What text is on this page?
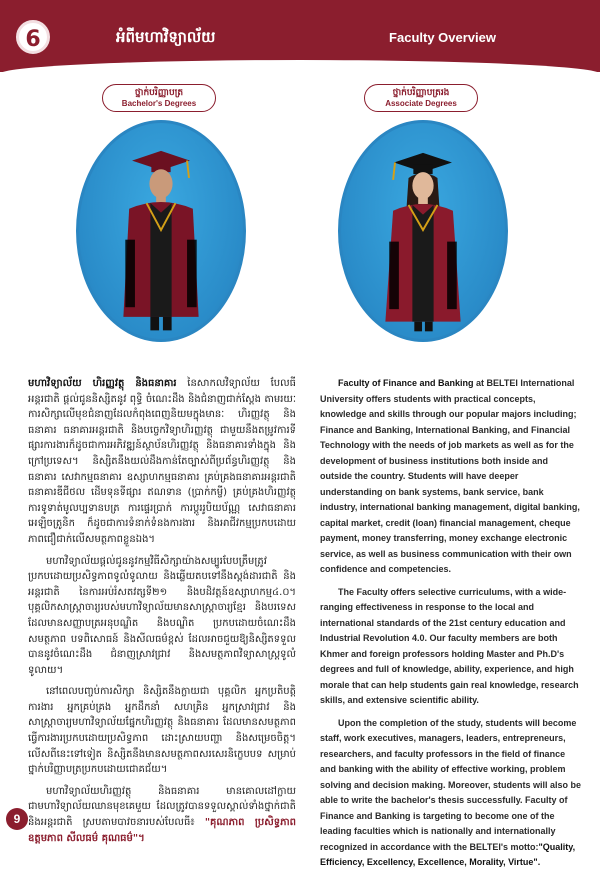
6	អំពីមហាវិទ្យាល័យ	Faculty Overview
ថ្នាក់បរិញ្ញាបត្រ
Bachelor's Degrees
ថ្នាក់បរិញ្ញាបត្ររង
Associate Degrees

មហាវិទ្យាល័យ ហិរញ្ញវត្ថុ និងធនាគារ នៃសាកលវិទ្យាល័យ បែលធី អន្តរជាតិ ផ្តល់ជូននិស្សិតនូវ ពុទ្ធិ ចំណេះដឹង និងជំនាញជាក់ស្តែង តាមរយៈការសិក្សាលើមុខជំនាញដែលកំពុងពេញនិយមក្នុងមានៈ ហិរញ្ញវត្ថុ និងធនាគារ ធនាគារអន្តរជាតិ និងបច្ចេកវិទ្យាហិរញ្ញវត្ថុ ជាមួយនឹងតម្រូវការទីផ្សារការងារក៏ដូចជាការអភិវឌ្ឍន៍ស្ថាប័នហិរញ្ញវត្ថុ និងធនាគារទាំងក្នុង និងក្រៅប្រទេស។ និស្សិតនឹងយល់ដឹងកាន់តែច្បាស់ពីប្រព័ន្ធហិរញ្ញវត្ថុ និងធនាគារ សេវាកម្មធនាគារ ឧស្សាហកម្មធនាគារ គ្រប់គ្រងធនាគារអន្តរជាតិ ធនាគារឌីជីថល ដើមទុនទីផ្សារ ឥណទាន (ប្រាក់កម្ចី) គ្រប់គ្រងហិរញ្ញវត្ថុ ការទូទាត់មូលប្បទានបត្រ ការផ្ទេរប្រាក់ ការប្តូររូបិយប័ណ្ណ សេវាធនាគារអេឡិចត្រូនិក ក៏ដូចជាការទំនាក់ទំនងការងារ និងអាជីវកម្មប្រកបដោយភាពជឿជាក់លើសមត្ថភាពខ្លួនឯង។

មហាវិទ្យាល័យផ្តល់ជូននូវកម្មវិធីសិក្សាយ៉ាងសម្បូរបែបត្រឹមត្រូវ ប្រកបដោយប្រសិទ្ធភាពទូលំទូលាយ និងឆ្លើយតបទៅនឹងស្តង់ដារជាតិ និងអន្តរជាតិ នៃការអប់រំសតវត្សទី២១ និងបដិវត្តន៍ឧស្សាហកម្ម៤.០។ បុគ្គលិកសាស្ត្រាចារ្យរបស់មហាវិទ្យាល័យមានសាស្ត្រាចារ្យខ្មែរ និងបរទេសដែលមានសញ្ញាបត្រអនុបណ្ឌិត និងបណ្ឌិត ប្រកបដោយចំណេះដឹង សមត្ថភាព បទពិសោធន៍ និងសីលធម៌ខ្ពស់ ដែលអាចជួយឱ្យនិស្សិតទទួលបាននូវចំណេះដឹង ជំនាញស្រាវជ្រាវ និងសមត្ថភាពវិទ្យាសាស្ត្រទូលំទូលាយ។

នៅពេលបញ្ចប់ការសិក្សា និស្សិតនឹងក្លាយជា បុគ្គលិក អ្នកប្រតិបត្តិការងារ អ្នកគ្រប់គ្រង អ្នកដឹកនាំ សហគ្រិន អ្នកស្រាវជ្រាវ និងសាស្ត្រាចារ្យមហាវិទ្យាល័យផ្នែកហិរញ្ញវត្ថុ និងធនាគារ ដែលមានសមត្ថភាពធ្វើការងារប្រកបដោយប្រសិទ្ធភាព ដោះស្រាយបញ្ហា និងសម្រេចចិត្ត។ លើសពីនេះទៅទៀត និស្សិតនឹងមានសមត្ថភាពសរសេរនិក្ខេបបទ សម្រាប់ថ្នាក់បរិញ្ញាបត្រប្រកបដោយជោគជ័យ។

មហាវិទ្យាល័យហិរញ្ញវត្ថុ និងធនាគារ មានគោលដៅក្លាយជាមហាវិទ្យាល័យឈានមុខគេមួយ ដែលត្រូវបានទទួលស្គាល់ទាំងថ្នាក់ជាតិ និងអន្តរជាតិ ស្របតាមបាវចនារបស់បែលធី៖ "គុណភាព ប្រសិទ្ធភាព ឧត្តមភាព សីលធម៌ គុណធម៌"។

Faculty of Finance and Banking at BELTEI International University offers students with practical concepts, knowledge and skills through our popular majors including; Finance and Banking, International Banking, and Financial Technology with the needs of job markets as well as for the development of business institutions both inside and outside the country. Students will have deeper understanding on bank systems, bank service, bank industry, international banking management, digital banking, capital market, credit (loan) financial management, cheque payment, money transferring, money exchange electronic service, as well as business communication with their own confidence and competencies.

The Faculty offers selective curriculums, with a wide-ranging effectiveness in response to the local and international standards of the 21st century education and Industrial Revolution 4.0. Our faculty members are both Khmer and foreign professors holding Master and Ph.D's degrees and full of knowledge, ability, experience, and high morale that can help students gain real knowledge, research skills, and extensive scientific ability.

Upon the completion of the study, students will become staff, work executives, managers, leaders, entrepreneurs, researchers, and faculty professors in the field of finance and banking with the ability of effective working, problem solving and decision making. Moreover, students will also be able to write the bachelor's thesis successfully. Faculty of Finance and Banking is targeting to become one of the leading faculties which is nationally and internationally recognized in accordance with the BELTEI's motto:"Quality, Efficiency, Excellency, Excellence, Morality, Virtue".

9
